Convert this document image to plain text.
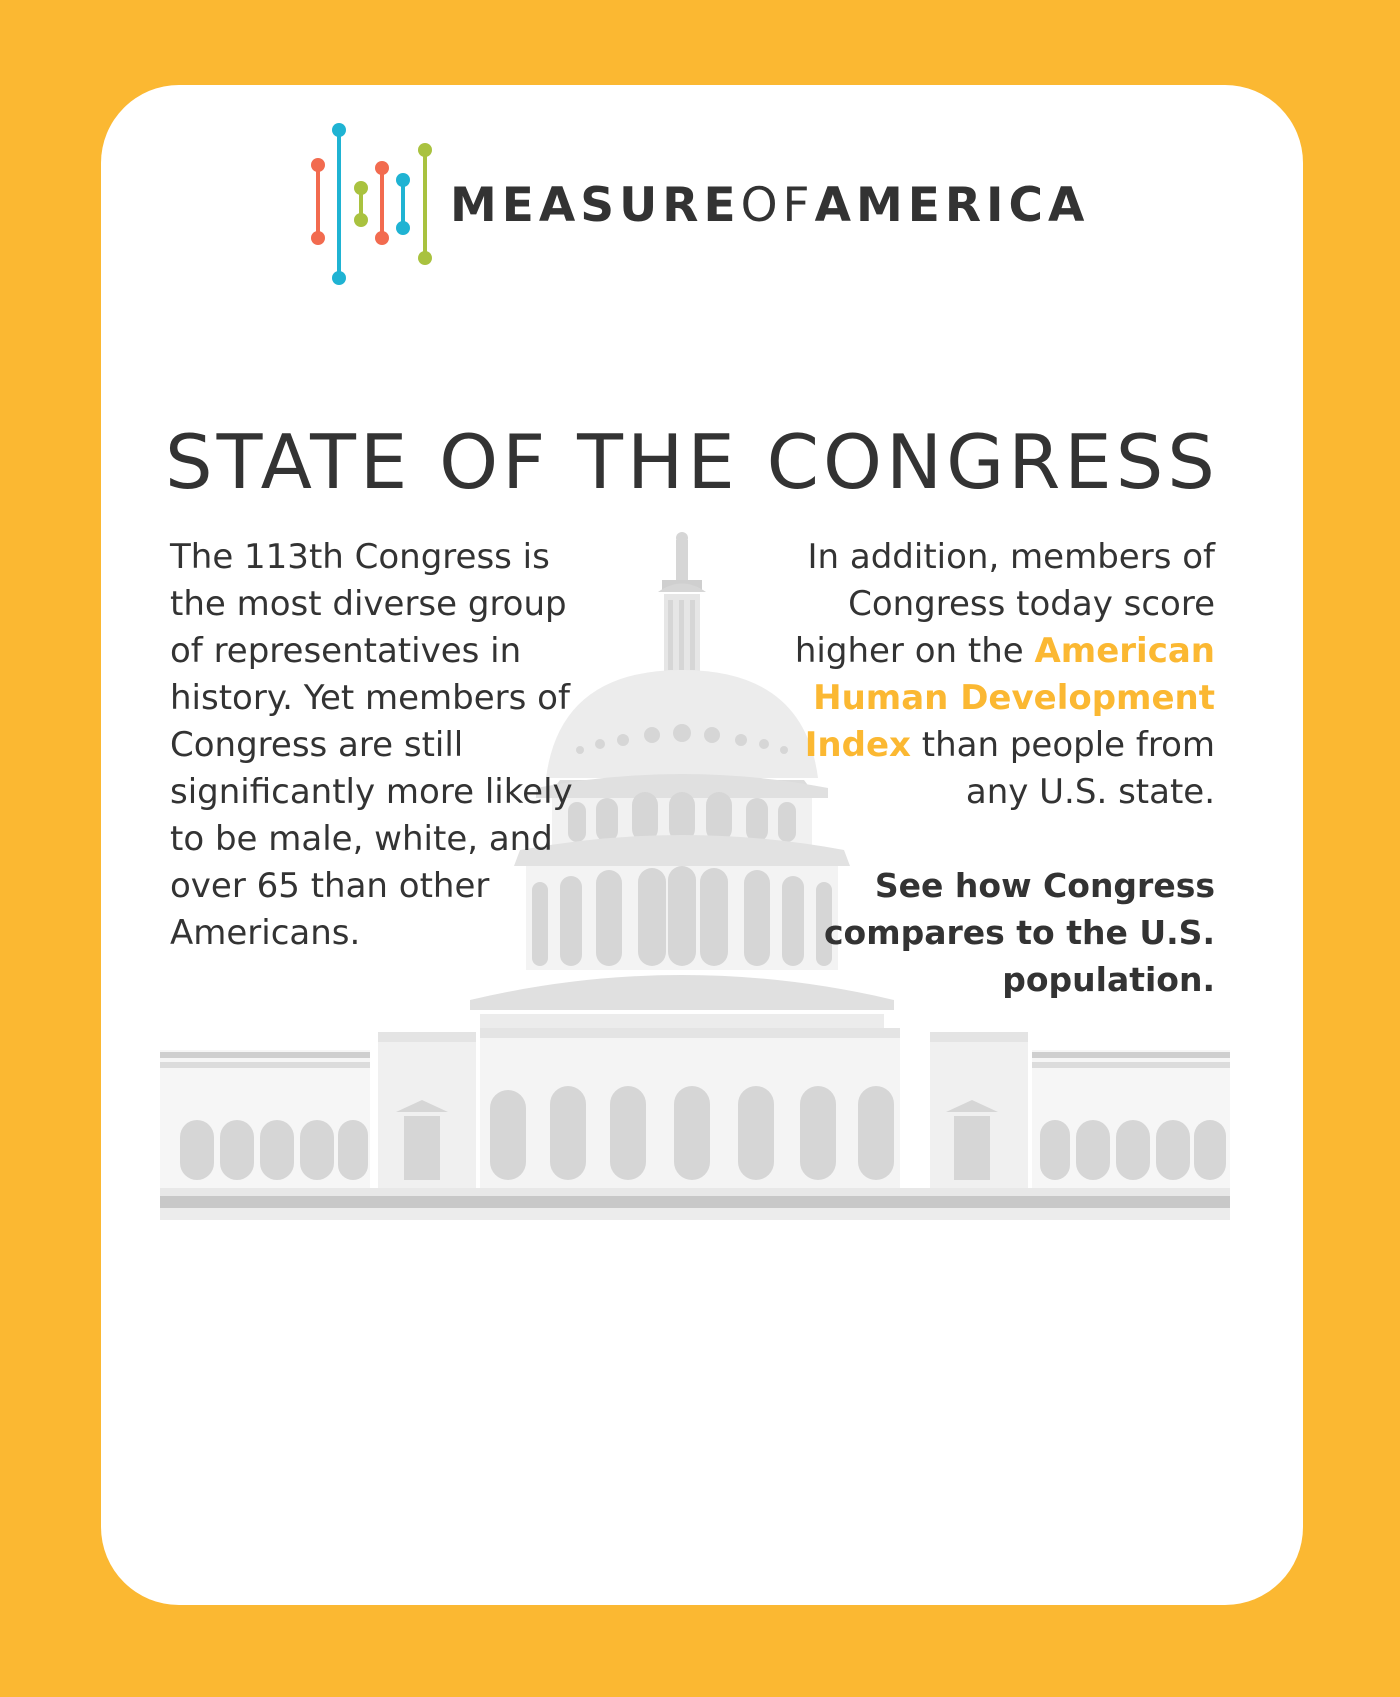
MEASUREOFAMERICA
STATE OF THE CONGRESS

The 113th Congress is the most diverse group of representatives in history. Yet members of Congress are still significantly more likely to be male, white, and over 65 than other Americans.

In addition, members of Congress today score higher on the American Human Development Index than people from any U.S. state.

See how Congress compares to the U.S. population.
